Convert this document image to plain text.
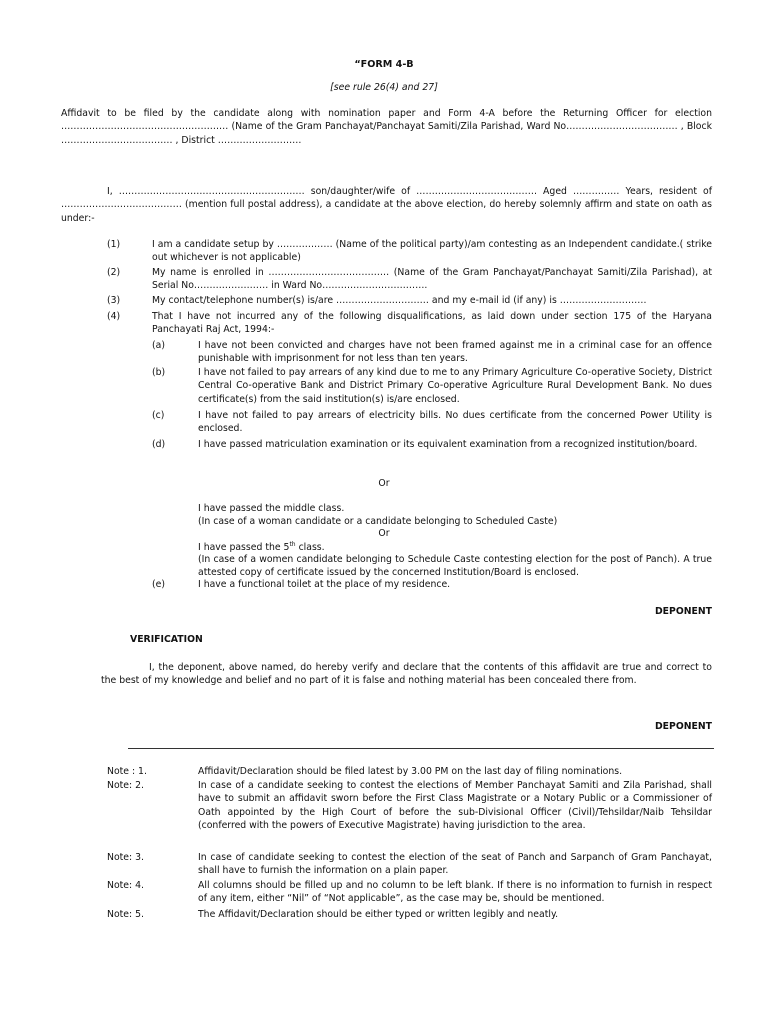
“FORM 4-B
[see rule 26(4) and 27]
Affidavit to be filed by the candidate along with nomination paper and Form 4-A before the Returning Officer for election ……………………………………………… (Name of the Gram Panchayat/Panchayat Samiti/Zila Parishad, Ward No……………………………… , Block ……………………………… , District ………………………
I, …………………………………………………… son/daughter/wife of ………………………………… Aged …………… Years, resident of ………………………………… (mention full postal address), a candidate at the above election, do hereby solemnly affirm and state on oath as under:-
(1)	I am a candidate setup by ……………… (Name of the political party)/am contesting as an Independent candidate.( strike out whichever is not applicable)
(2)	My name is enrolled in ………………………………… (Name of the Gram Panchayat/Panchayat Samiti/Zila Parishad), at Serial No…………………… in Ward No…………………………….
(3)	My contact/telephone number(s) is/are ………………………… and my e-mail id (if any) is ……………………….
(4)	That I have not incurred any of the following disqualifications, as laid down under section 175 of the Haryana Panchayati Raj Act, 1994:-
(a)	I have not been convicted and charges have not been framed against me in a criminal case for an offence punishable with imprisonment for not less than ten years.
(b)	I have not failed to pay arrears of any kind due to me to any Primary Agriculture Co-operative Society, District Central Co-operative Bank and District Primary Co-operative Agriculture Rural Development Bank. No dues certificate(s) from the said institution(s) is/are enclosed.
(c)	I have not failed to pay arrears of electricity bills. No dues certificate from the concerned Power Utility is enclosed.
(d)	I have passed matriculation examination or its equivalent examination from a recognized institution/board.
Or
I have passed the middle class.
(In case of a woman candidate or a candidate belonging to Scheduled Caste)
Or
I have passed the 5th class.
(In case of a women candidate belonging to Schedule Caste contesting election for the post of Panch). A true attested copy of certificate issued by the concerned Institution/Board is enclosed.
(e)	I have a functional toilet at the place of my residence.
DEPONENT
VERIFICATION
I, the deponent, above named, do hereby verify and declare that the contents of this affidavit are true and correct to the best of my knowledge and belief and no part of it is false and nothing material has been concealed there from.
DEPONENT
Note : 1.	Affidavit/Declaration should be filed latest by 3.00 PM on the last day of filing nominations.
Note: 2.	In case of a candidate seeking to contest the elections of Member Panchayat Samiti and Zila Parishad, shall have to submit an affidavit sworn before the First Class Magistrate or a Notary Public or a Commissioner of Oath appointed by the High Court of before the sub-Divisional Officer (Civil)/Tehsildar/Naib Tehsildar (conferred with the powers of Executive Magistrate) having jurisdiction to the area.
Note: 3.	In case of candidate seeking to contest the election of the seat of Panch and Sarpanch of Gram Panchayat, shall have to furnish the information on a plain paper.
Note: 4.	All columns should be filled up and no column to be left blank. If there is no information to furnish in respect of any item, either “Nil” of “Not applicable”, as the case may be, should be mentioned.
Note: 5.	The Affidavit/Declaration should be either typed or written legibly and neatly.
